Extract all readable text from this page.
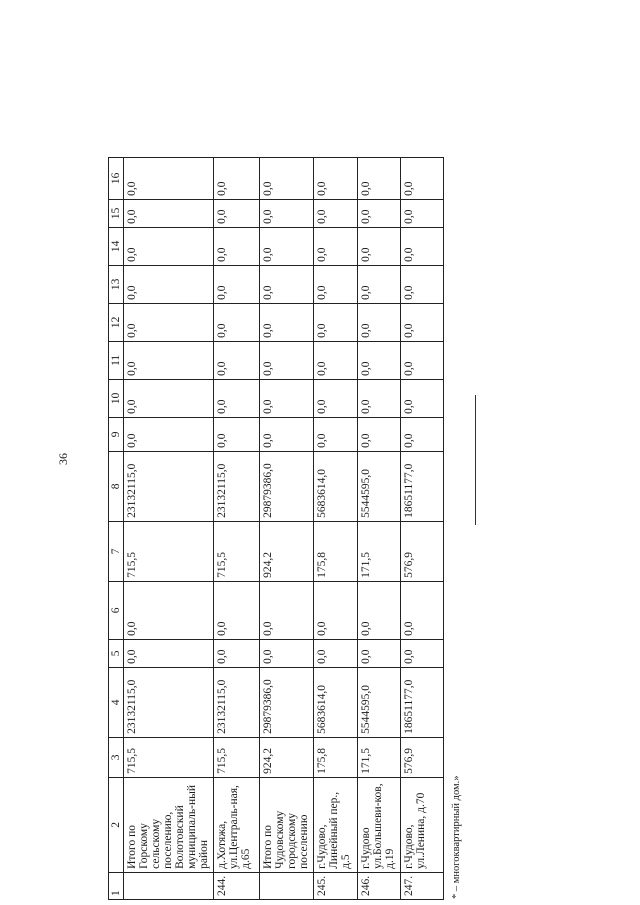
36
1	2	3	4	5	6	7	8	9	10	11	12	13	14	15	16
	Итого по Горскому сельскому поселению, Волотовский муниципаль-ный район	715,5	23132115,0	0,0	0,0	715,5	23132115,0	0,0	0,0	0,0	0,0	0,0	0,0	0,0	0,0
244.	д.Хотяжа, ул.Централь-ная, д.65	715,5	23132115,0	0,0	0,0	715,5	23132115,0	0,0	0,0	0,0	0,0	0,0	0,0	0,0	0,0
	Итого по Чудовскому городскому поселению	924,2	29879386,0	0,0	0,0	924,2	29879386,0	0,0	0,0	0,0	0,0	0,0	0,0	0,0	0,0
245.	г.Чудово, Линейный пер., д.5	175,8	5683614,0	0,0	0,0	175,8	5683614,0	0,0	0,0	0,0	0,0	0,0	0,0	0,0	0,0
246.	г.Чудово ул.Большеви-ков, д.19	171,5	5544595,0	0,0	0,0	171,5	5544595,0	0,0	0,0	0,0	0,0	0,0	0,0	0,0	0,0
247.	г.Чудово, ул.Ленина, д.70	576,9	18651177,0	0,0	0,0	576,9	18651177,0	0,0	0,0	0,0	0,0	0,0	0,0	0,0	0,0
* – многоквартирный дом.»
